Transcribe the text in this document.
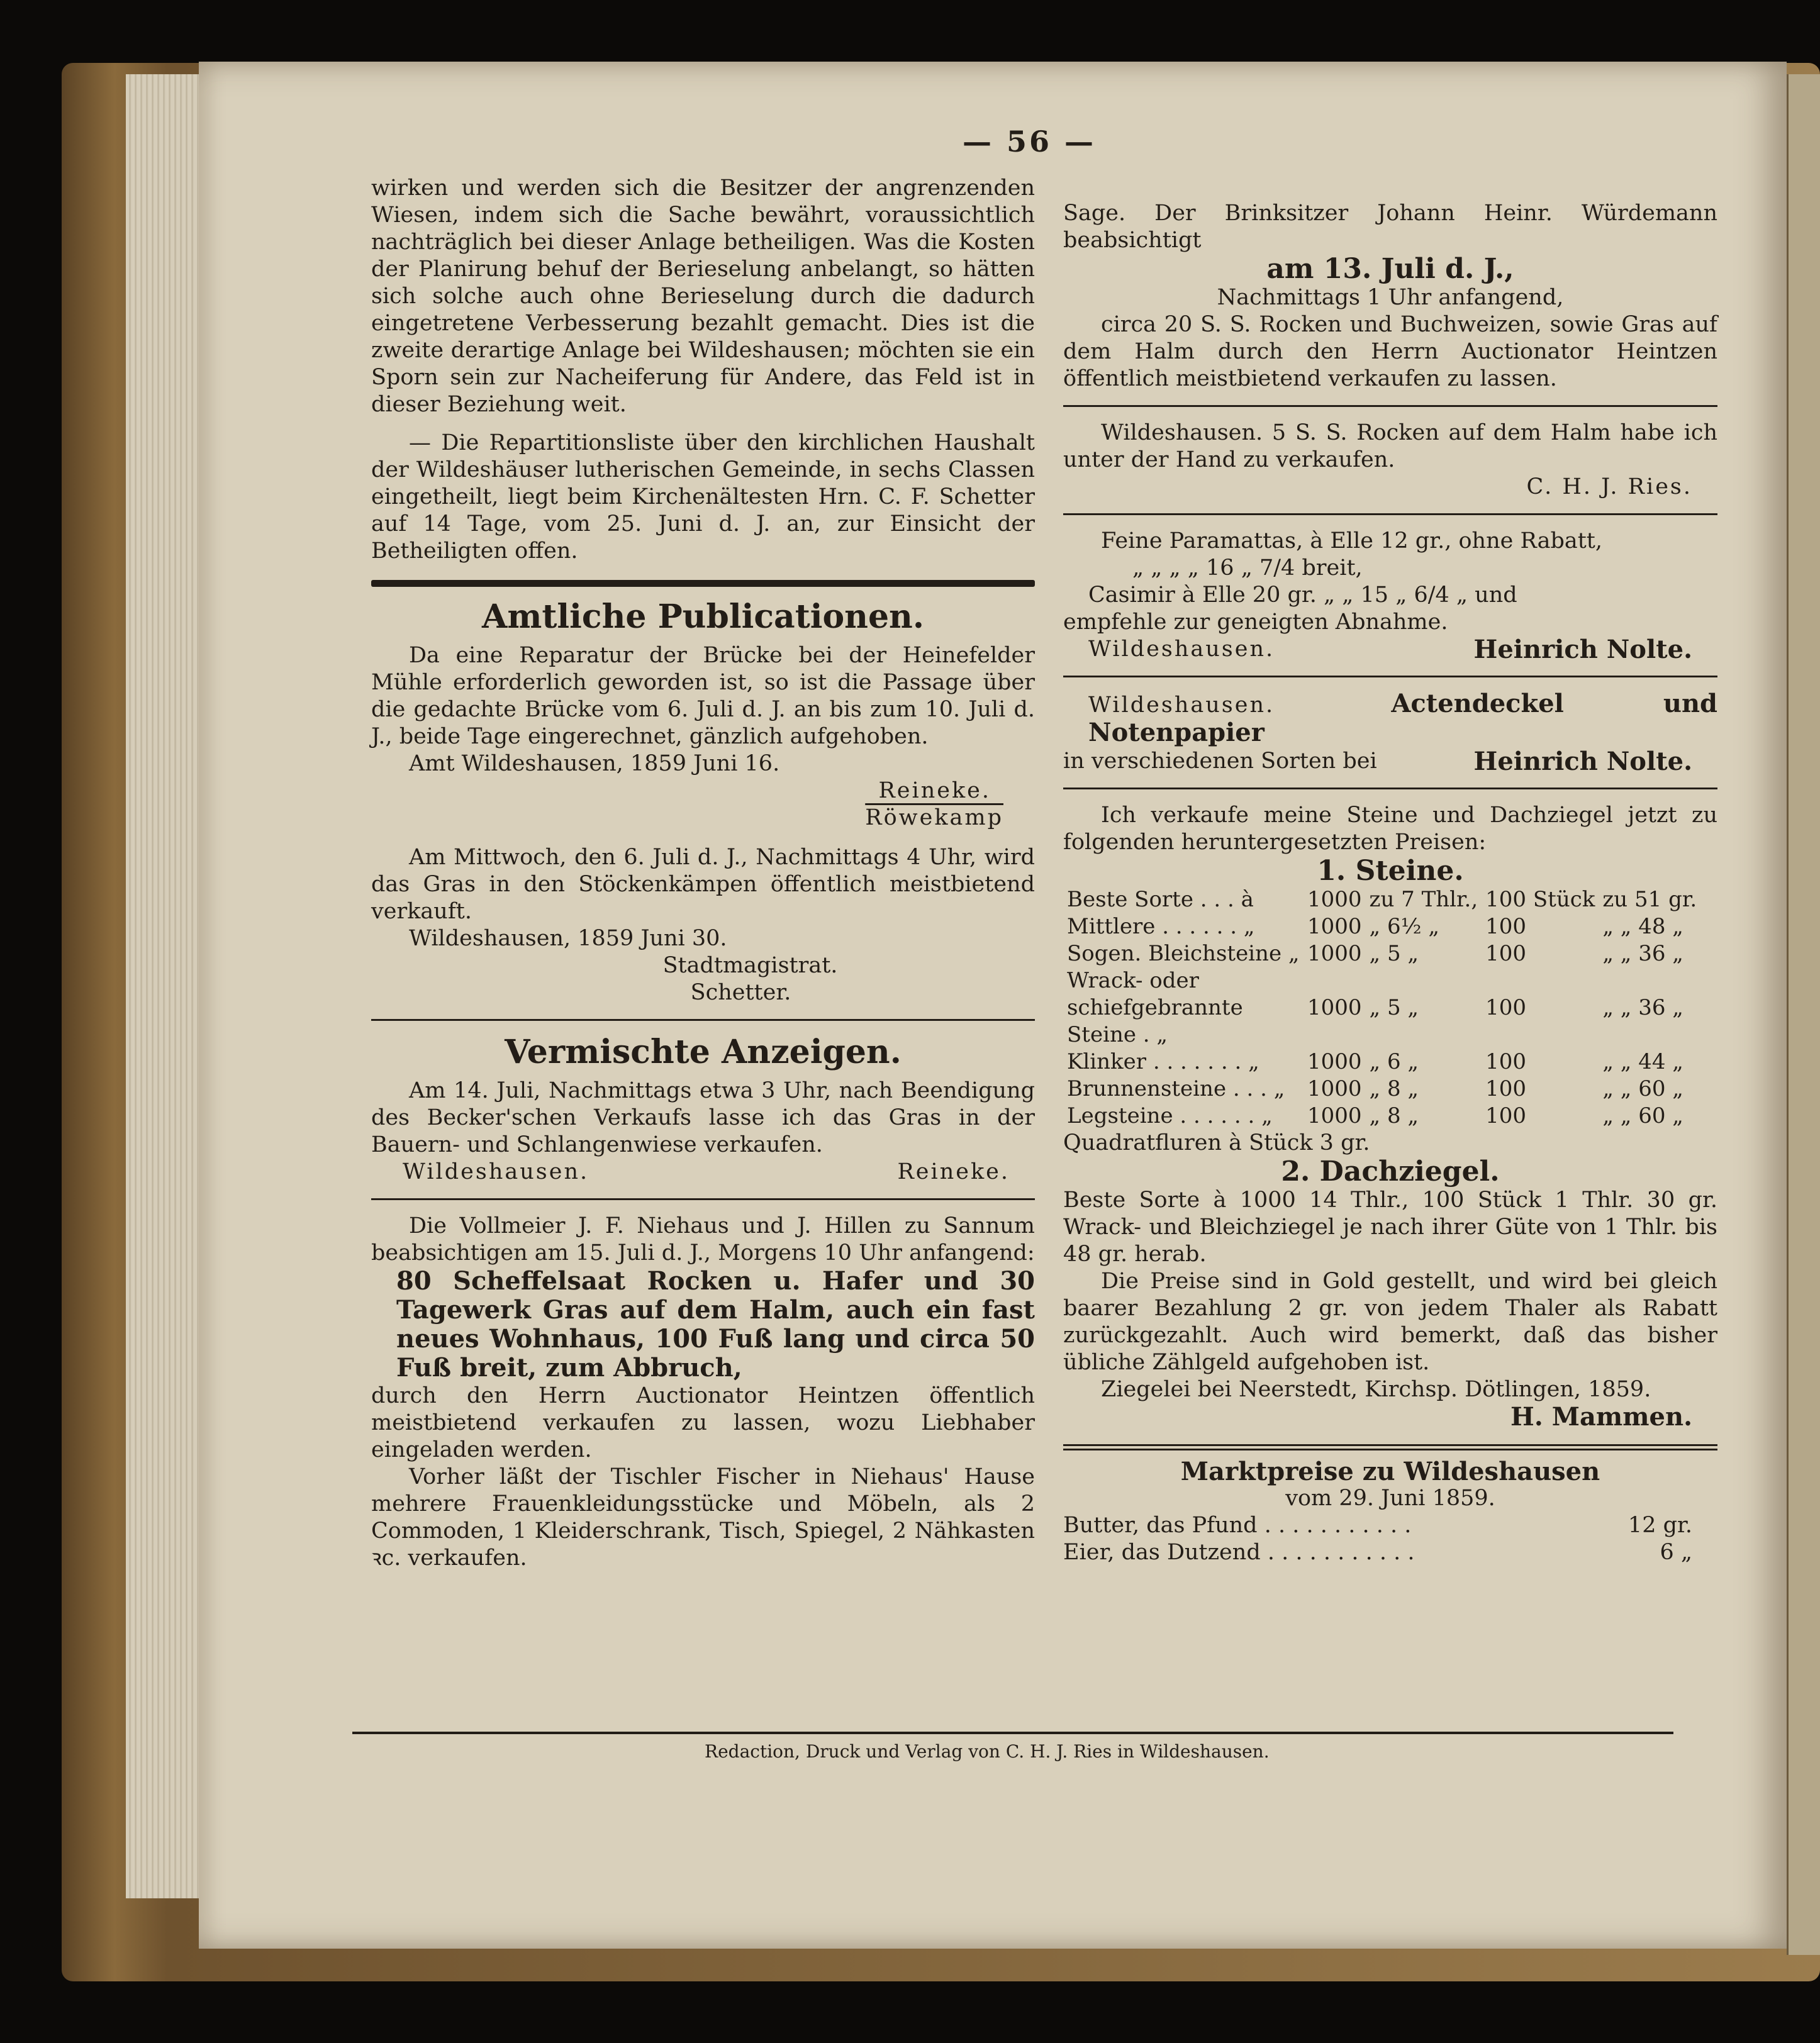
— 56 —

wirken und werden sich die Besitzer der angrenzenden Wiesen, indem sich die Sache bewährt, voraussichtlich nachträglich bei dieser Anlage betheiligen. Was die Kosten der Planirung behuf der Berieselung anbelangt, so hätten sich solche auch ohne Berieselung durch die dadurch eingetretene Verbesserung bezahlt gemacht. Dies ist die zweite derartige Anlage bei Wildeshausen; möchten sie ein Sporn sein zur Nacheiferung für Andere, das Feld ist in dieser Beziehung weit.

— Die Repartitionsliste über den kirchlichen Haushalt der Wildeshäuser lutherischen Gemeinde, in sechs Classen eingetheilt, liegt beim Kirchenältesten Hrn. C. F. Schetter auf 14 Tage, vom 25. Juni d. J. an, zur Einsicht der Betheiligten offen.

Amtliche Publicationen.

Da eine Reparatur der Brücke bei der Heinefelder Mühle erforderlich geworden ist, so ist die Passage über die gedachte Brücke vom 6. Juli d. J. an bis zum 10. Juli d. J., beide Tage eingerechnet, gänzlich aufgehoben.

Amt Wildeshausen, 1859 Juni 16.

Reineke.

Röwekamp

Am Mittwoch, den 6. Juli d. J., Nachmittags 4 Uhr, wird das Gras in den Stöckenkämpen öffentlich meistbietend verkauft.

Wildeshausen, 1859 Juni 30.

Stadtmagistrat.

Schetter.

Vermischte Anzeigen.

Am 14. Juli, Nachmittags etwa 3 Uhr, nach Beendigung des Becker'schen Verkaufs lasse ich das Gras in der Bauern- und Schlangenwiese verkaufen.

Wildeshausen.	Reineke.

Die Vollmeier J. F. Niehaus und J. Hillen zu Sannum beabsichtigen am 15. Juli d. J., Morgens 10 Uhr anfangend:

80 Scheffelsaat Rocken u. Hafer und 30 Tagewerk Gras auf dem Halm, auch ein fast neues Wohnhaus, 100 Fuß lang und circa 50 Fuß breit, zum Abbruch,

durch den Herrn Auctionator Heintzen öffentlich meistbietend verkaufen zu lassen, wozu Liebhaber eingeladen werden.

Vorher läßt der Tischler Fischer in Niehaus' Hause mehrere Frauenkleidungsstücke und Möbeln, als 2 Commoden, 1 Kleiderschrank, Tisch, Spiegel, 2 Nähkasten ꝛc. verkaufen.

Sage. Der Brinksitzer Johann Heinr. Würdemann beabsichtigt

am 13. Juli d. J.,

Nachmittags 1 Uhr anfangend,

circa 20 S. S. Rocken und Buchweizen, sowie Gras auf dem Halm durch den Herrn Auctionator Heintzen öffentlich meistbietend verkaufen zu lassen.

Wildeshausen. 5 S. S. Rocken auf dem Halm habe ich unter der Hand zu verkaufen.

C. H. J. Ries.

Feine Paramattas, à Elle 12 gr., ohne Rabatt,

„ „ „ „ 16 „ 7/4 breit,

Casimir à Elle 20 gr. „ „ 15 „ 6/4 „ und

empfehle zur geneigten Abnahme.

Wildeshausen.	Heinrich Nolte.

Wildeshausen.	Actendeckel und Notenpapier

in verschiedenen Sorten bei	Heinrich Nolte.

Ich verkaufe meine Steine und Dachziegel jetzt zu folgenden heruntergesetzten Preisen:

1. Steine.
Beste Sorte . . . à	1000	zu 7 Thlr.,	100 Stück	zu 51 gr.
Mittlere . . . . . . „	1000	„ 6½ „	100	„ „ 48 „
Sogen. Bleichsteine „	1000	„ 5 „	100	„ „ 36 „
Wrack- oder schiefgebrannte Steine . „	1000	„ 5 „	100	„ „ 36 „
Klinker . . . . . . . „	1000	„ 6 „	100	„ „ 44 „
Brunnensteine . . . „	1000	„ 8 „	100	„ „ 60 „
Legsteine . . . . . . „	1000	„ 8 „	100	„ „ 60 „

Quadratfluren à Stück 3 gr.

2. Dachziegel.

Beste Sorte à 1000 14 Thlr., 100 Stück 1 Thlr. 30 gr. Wrack- und Bleichziegel je nach ihrer Güte von 1 Thlr. bis 48 gr. herab.

Die Preise sind in Gold gestellt, und wird bei gleich baarer Bezahlung 2 gr. von jedem Thaler als Rabatt zurückgezahlt. Auch wird bemerkt, daß das bisher übliche Zählgeld aufgehoben ist.

Ziegelei bei Neerstedt, Kirchsp. Dötlingen, 1859.

H. Mammen.

Marktpreise zu Wildeshausen

vom 29. Juni 1859.

Butter, das Pfund . . . . . . . . . . .	12 gr.
Eier, das Dutzend . . . . . . . . . . .	6 „
Redaction, Druck und Verlag von C. H. J. Ries in Wildeshausen.
